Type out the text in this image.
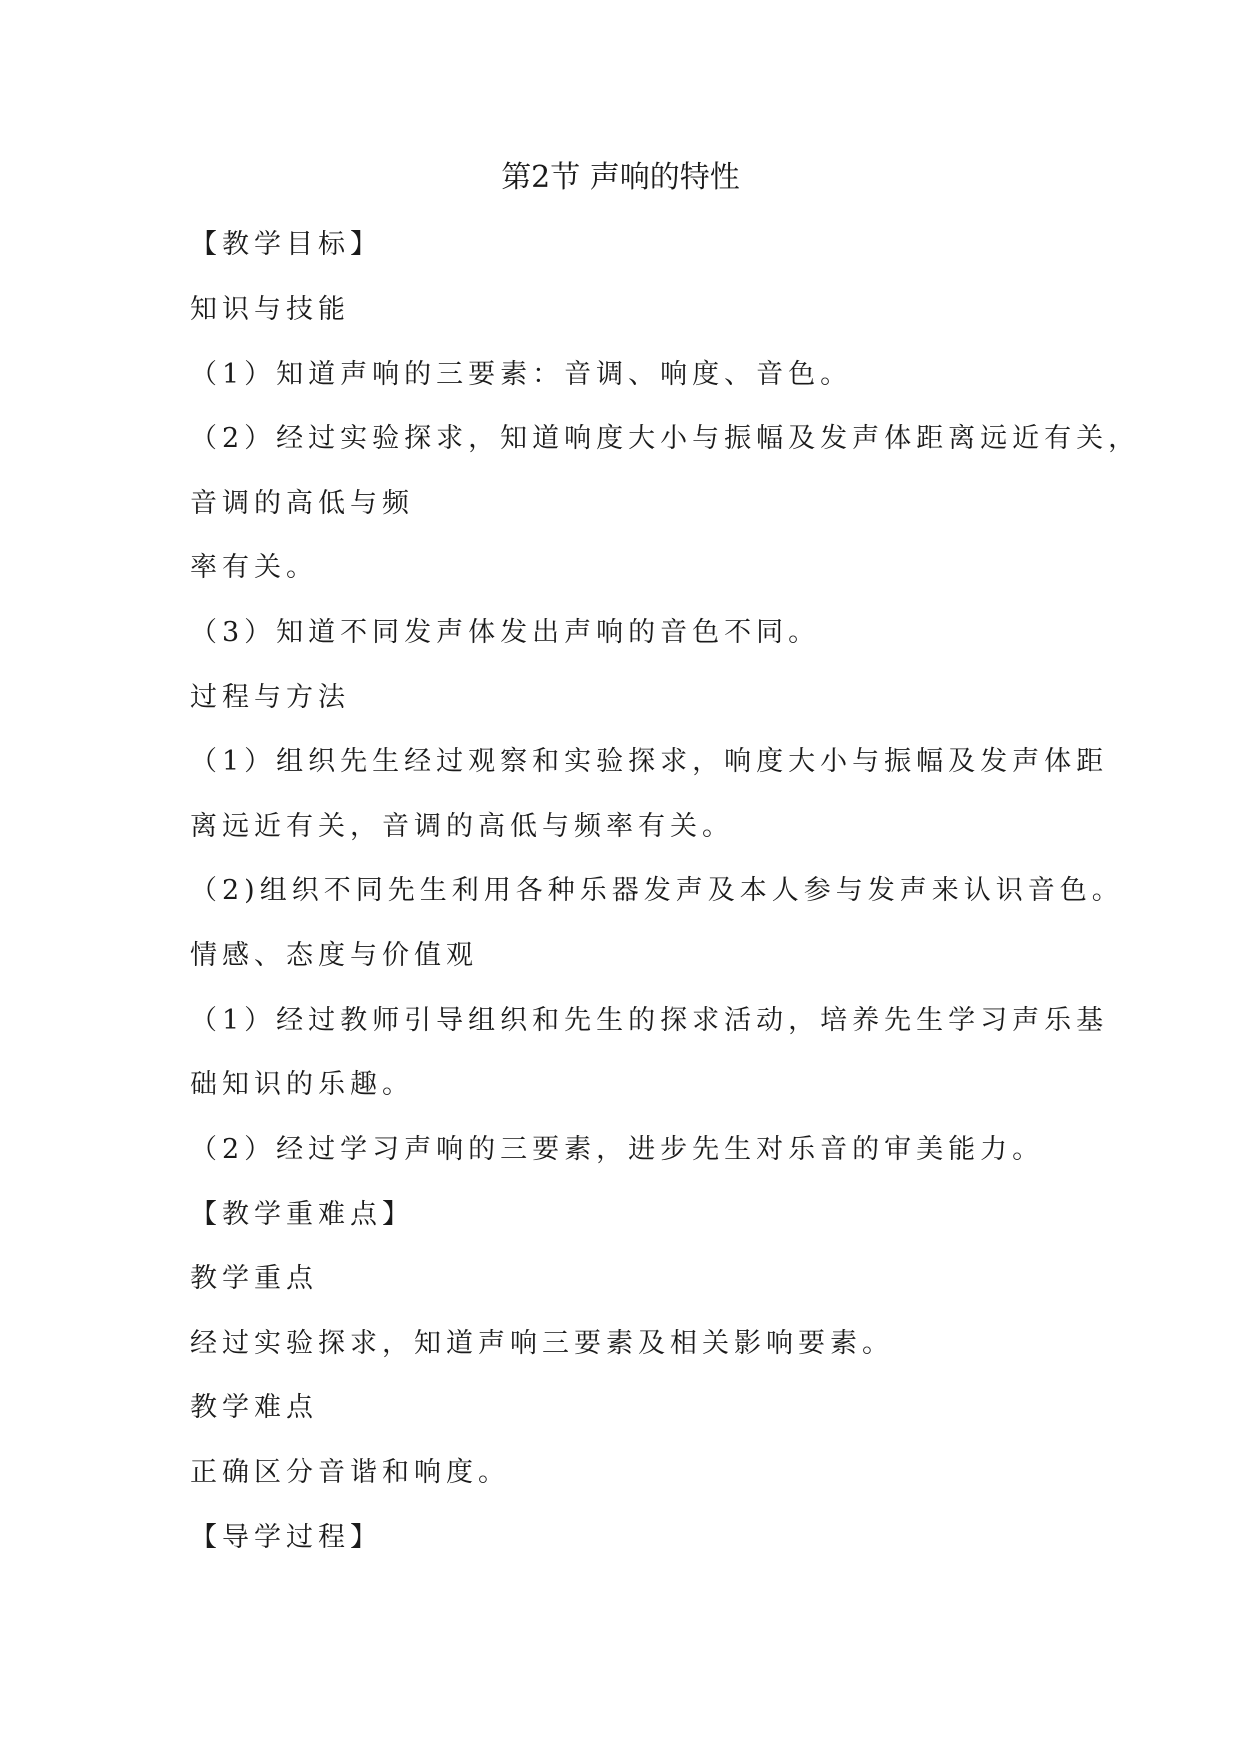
第2节 声响的特性
【教学目标】
知识与技能
（1）知道声响的三要素：音调、响度、音色。
（2）经过实验探求，知道响度大小与振幅及发声体距离远近有关，
音调的高低与频
率有关。
（3）知道不同发声体发出声响的音色不同。
过程与方法
（1）组织先生经过观察和实验探求，响度大小与振幅及发声体距
离远近有关，音调的高低与频率有关。
（2)组织不同先生利用各种乐器发声及本人参与发声来认识音色。
情感、态度与价值观
（1）经过教师引导组织和先生的探求活动，培养先生学习声乐基
础知识的乐趣。
（2）经过学习声响的三要素，进步先生对乐音的审美能力。
【教学重难点】
教学重点
经过实验探求，知道声响三要素及相关影响要素。
教学难点
正确区分音谐和响度。
【导学过程】
